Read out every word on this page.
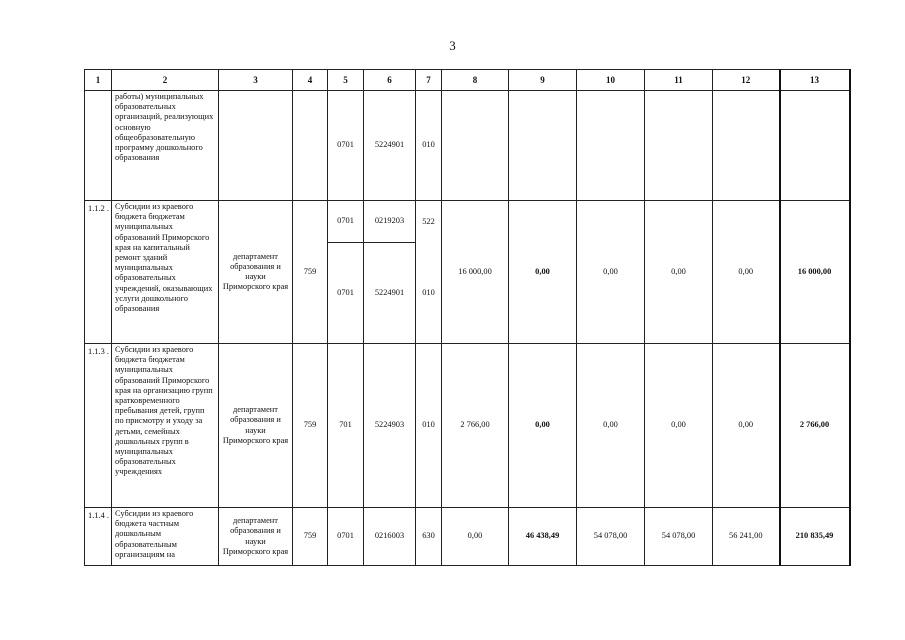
3
1	2	3	4	5	6	7	8	9	10	11	12	13
	работы) муниципальных образовательных организаций, реализующих основную общеобразовательную программу дошкольного образования			0701	5224901	010						
1.1.2 .	Субсидии из краевого бюджета бюджетам муниципальных образований Приморского края на капитальный ремонт зданий муниципальных образовательных учреждений, оказывающих услуги дошкольного образования	департамент образования и науки Приморского края	759	0701	0219203	522	16 000,00	0,00	0,00	0,00	0,00	16 000,00
				0701	5224901	010						
1.1.3 .	Субсидии из краевого бюджета бюджетам муниципальных образований Приморского края на организацию групп кратковременного пребывания детей, групп по присмотру и уходу за детьми, семейных дошкольных групп в муниципальных образовательных учреждениях	департамент образования и науки Приморского края	759	701	5224903	010	2 766,00	0,00	0,00	0,00	0,00	2 766,00
1.1.4 .	Субсидии из краевого бюджета частным дошкольным образовательным организациям на	департамент образования и науки Приморского края	759	0701	0216003	630	0,00	46 438,49	54 078,00	54 078,00	56 241,00	210 835,49
